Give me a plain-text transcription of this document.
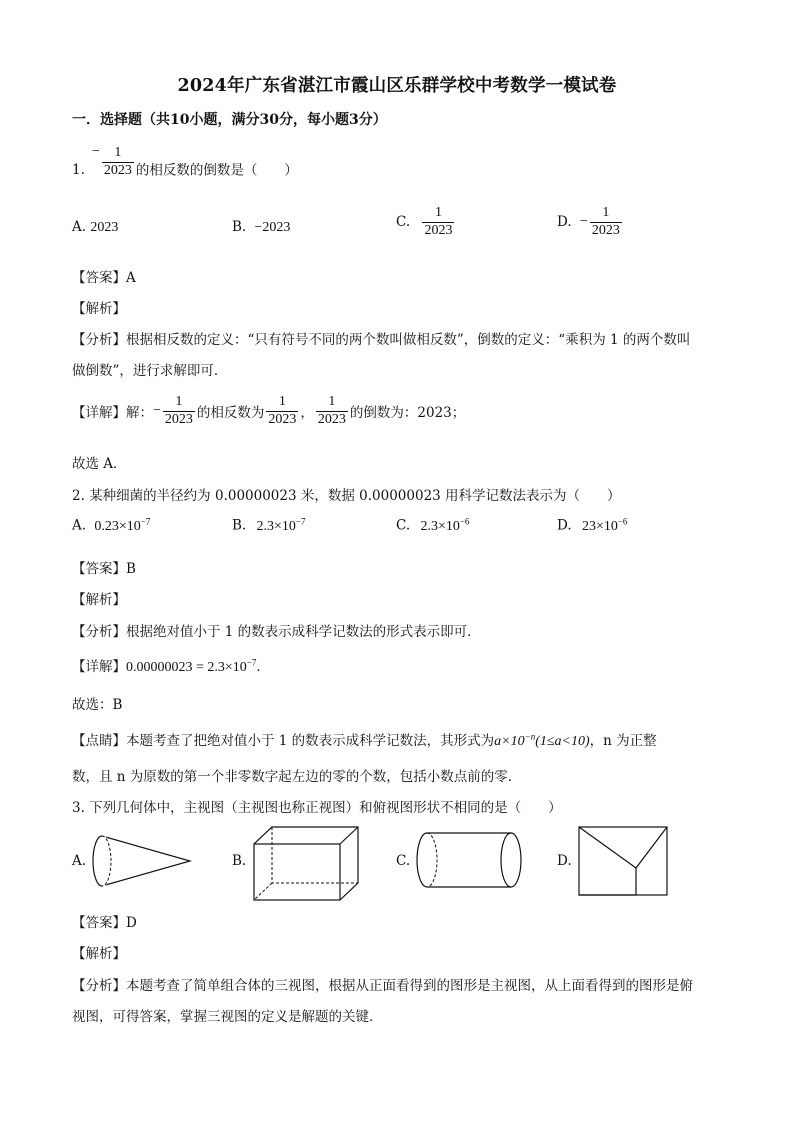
2024年广东省湛江市霞山区乐群学校中考数学一模试卷
一．选择题（共10小题，满分30分，每小题3分）
$1.- \frac{1}{2023}$ 的相反数的倒数是（　　）
A. 2023	B. −2023	C. $\frac{1}{2023}$	D. − $\frac{1}{2023}$
【答案】A
【解析】
【分析】根据相反数的定义：“只有符号不同的两个数叫做相反数”，倒数的定义：“乘积为 1 的两个数叫
做倒数”，进行求解即可．
【详解】解：− $\frac{1}{2023}$ 的相反数为 $\frac{1}{2023}$ ， $\frac{1}{2023}$ 的倒数为：2023；
故选 A．
2. 某种细菌的半径约为 0.00000023 米，数据 0.00000023 用科学记数法表示为（　　）
A. $0.23\times 10^{-7}$	B. $2.3\times 10^{-7}$	C. $2.3\times 10^{-6}$	D. $23\times 10^{-6}$
【答案】B
【解析】
【分析】根据绝对值小于 1 的数表示成科学记数法的形式表示即可．
【详解】$0.00000023 = 2.3\times 10^{-7}$．
故选：B
【点睛】本题考查了把绝对值小于 1 的数表示成科学记数法，其形式为$a\times 10^{-n}(1\le a<10)$，n 为正整
数，且 n 为原数的第一个非零数字起左边的零的个数，包括小数点前的零．
3. 下列几何体中，主视图（主视图也称正视图）和俯视图形状不相同的是（　　）
A.	B.	C.	D.
【答案】D
【解析】
【分析】本题考查了简单组合体的三视图，根据从正面看得到的图形是主视图，从上面看得到的图形是俯
视图，可得答案，掌握三视图的定义是解题的关键．
